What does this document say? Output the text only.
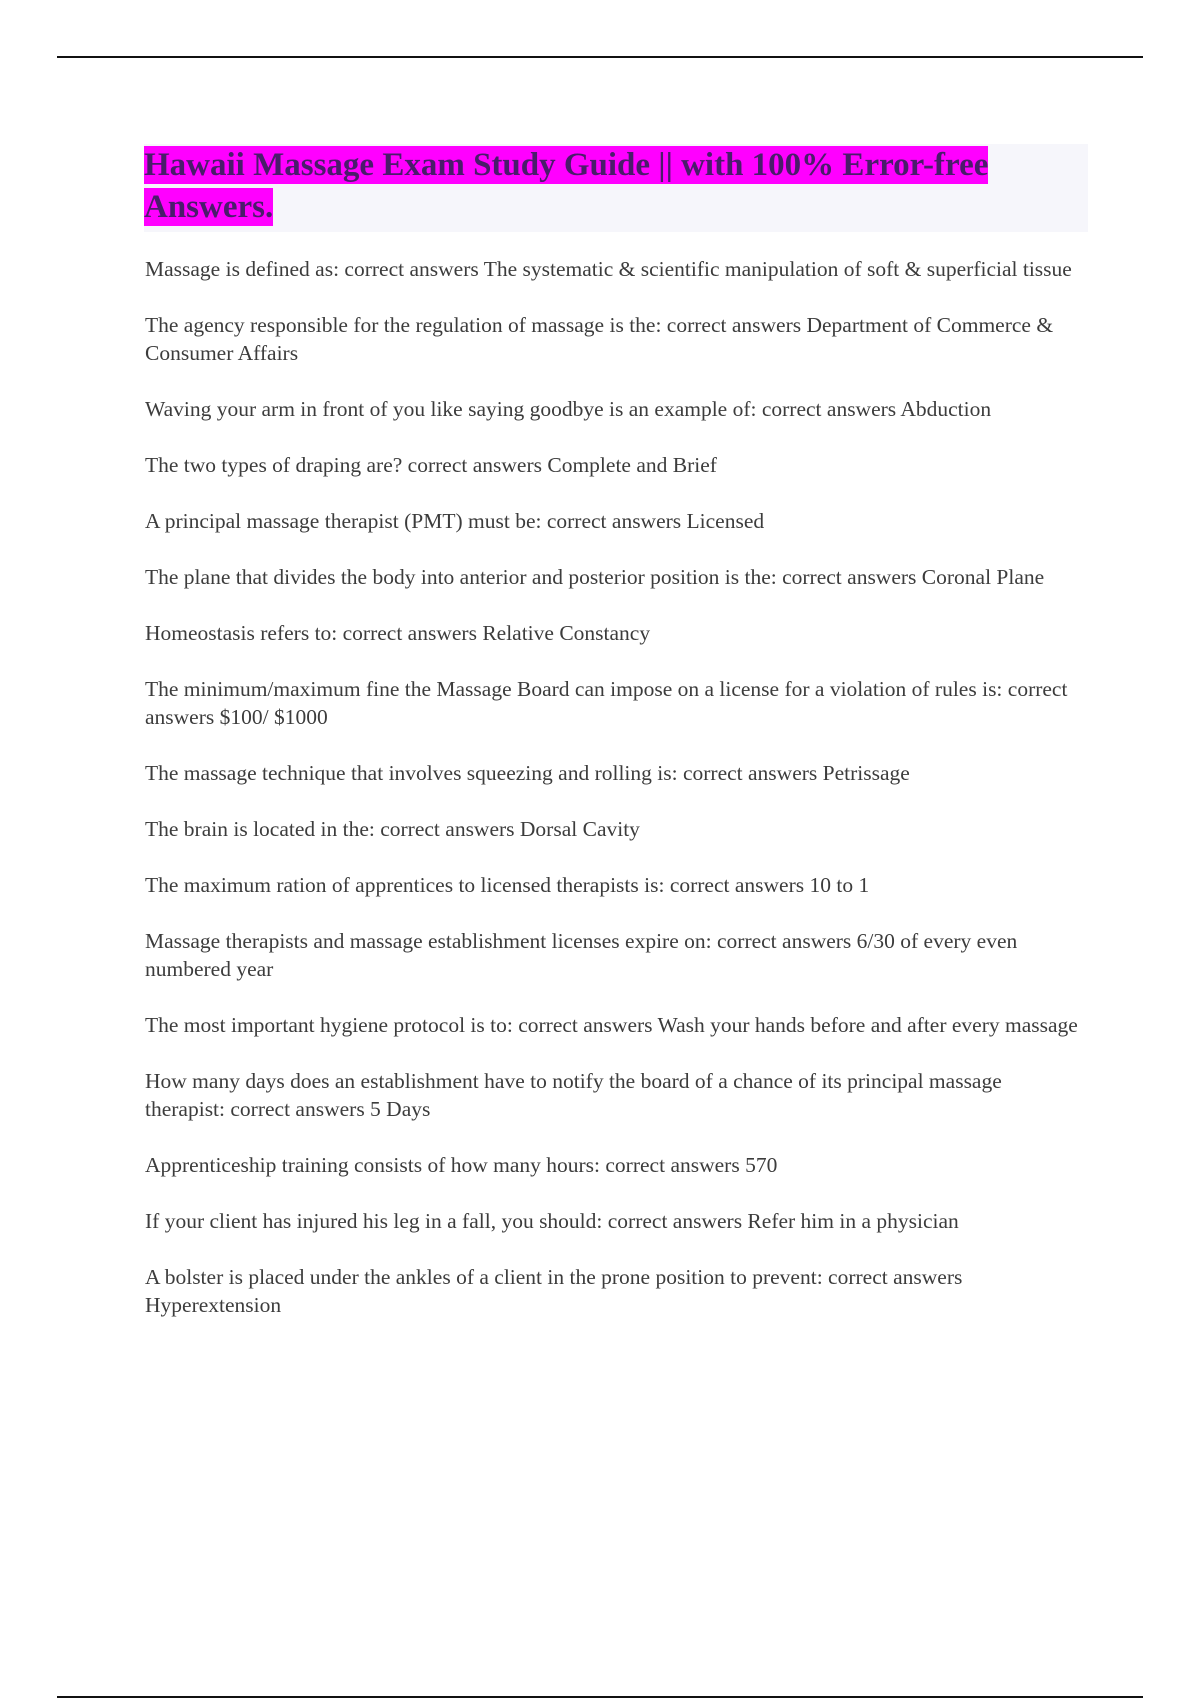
Hawaii Massage Exam Study Guide || with 100% Error-free Answers.
Massage is defined as: correct answers The systematic & scientific manipulation of soft & superficial tissue
The agency responsible for the regulation of massage is the: correct answers Department of Commerce & Consumer Affairs
Waving your arm in front of you like saying goodbye is an example of: correct answers Abduction
The two types of draping are? correct answers Complete and Brief
A principal massage therapist (PMT) must be: correct answers Licensed
The plane that divides the body into anterior and posterior position is the: correct answers Coronal Plane
Homeostasis refers to: correct answers Relative Constancy
The minimum/maximum fine the Massage Board can impose on a license for a violation of rules is: correct answers $100/ $1000
The massage technique that involves squeezing and rolling is: correct answers Petrissage
The brain is located in the: correct answers Dorsal Cavity
The maximum ration of apprentices to licensed therapists is: correct answers 10 to 1
Massage therapists and massage establishment licenses expire on: correct answers 6/30 of every even numbered year
The most important hygiene protocol is to: correct answers Wash your hands before and after every massage
How many days does an establishment have to notify the board of a chance of its principal massage therapist: correct answers 5 Days
Apprenticeship training consists of how many hours: correct answers 570
If your client has injured his leg in a fall, you should: correct answers Refer him in a physician
A bolster is placed under the ankles of a client in the prone position to prevent: correct answers Hyperextension
